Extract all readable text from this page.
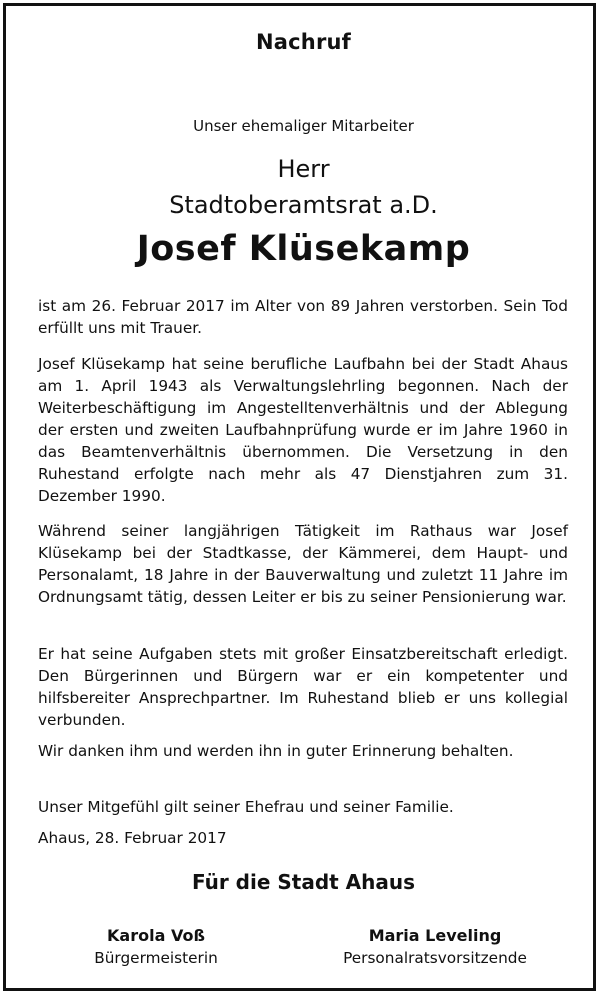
Nachruf
Unser ehemaliger Mitarbeiter
Herr
Stadtoberamtsrat a.D.
Josef Klüsekamp

ist am 26. Februar 2017 im Alter von 89 Jahren verstorben. Sein Tod erfüllt uns mit Trauer.

Josef Klüsekamp hat seine berufliche Laufbahn bei der Stadt Ahaus am 1. April 1943 als Verwaltungslehrling begonnen. Nach der Weiterbeschäftigung im Angestelltenverhältnis und der Ablegung der ersten und zweiten Laufbahnprüfung wurde er im Jahre 1960 in das Beamtenverhältnis übernommen. Die Versetzung in den Ruhestand erfolgte nach mehr als 47 Dienstjahren zum 31. Dezember 1990.

Während seiner langjährigen Tätigkeit im Rathaus war Josef Klüsekamp bei der Stadtkasse, der Kämmerei, dem Haupt- und Personalamt, 18 Jahre in der Bauverwaltung und zuletzt 11 Jahre im Ordnungsamt tätig, dessen Leiter er bis zu seiner Pensionierung war.

Er hat seine Aufgaben stets mit großer Einsatzbereitschaft erledigt. Den Bürgerinnen und Bürgern war er ein kompetenter und hilfsbereiter Ansprechpartner. Im Ruhestand blieb er uns kollegial verbunden.

Wir danken ihm und werden ihn in guter Erinnerung behalten.

Unser Mitgefühl gilt seiner Ehefrau und seiner Familie.

Ahaus, 28. Februar 2017

Für die Stadt Ahaus
Karola Voß
Bürgermeisterin
Maria Leveling
Personalratsvorsitzende
